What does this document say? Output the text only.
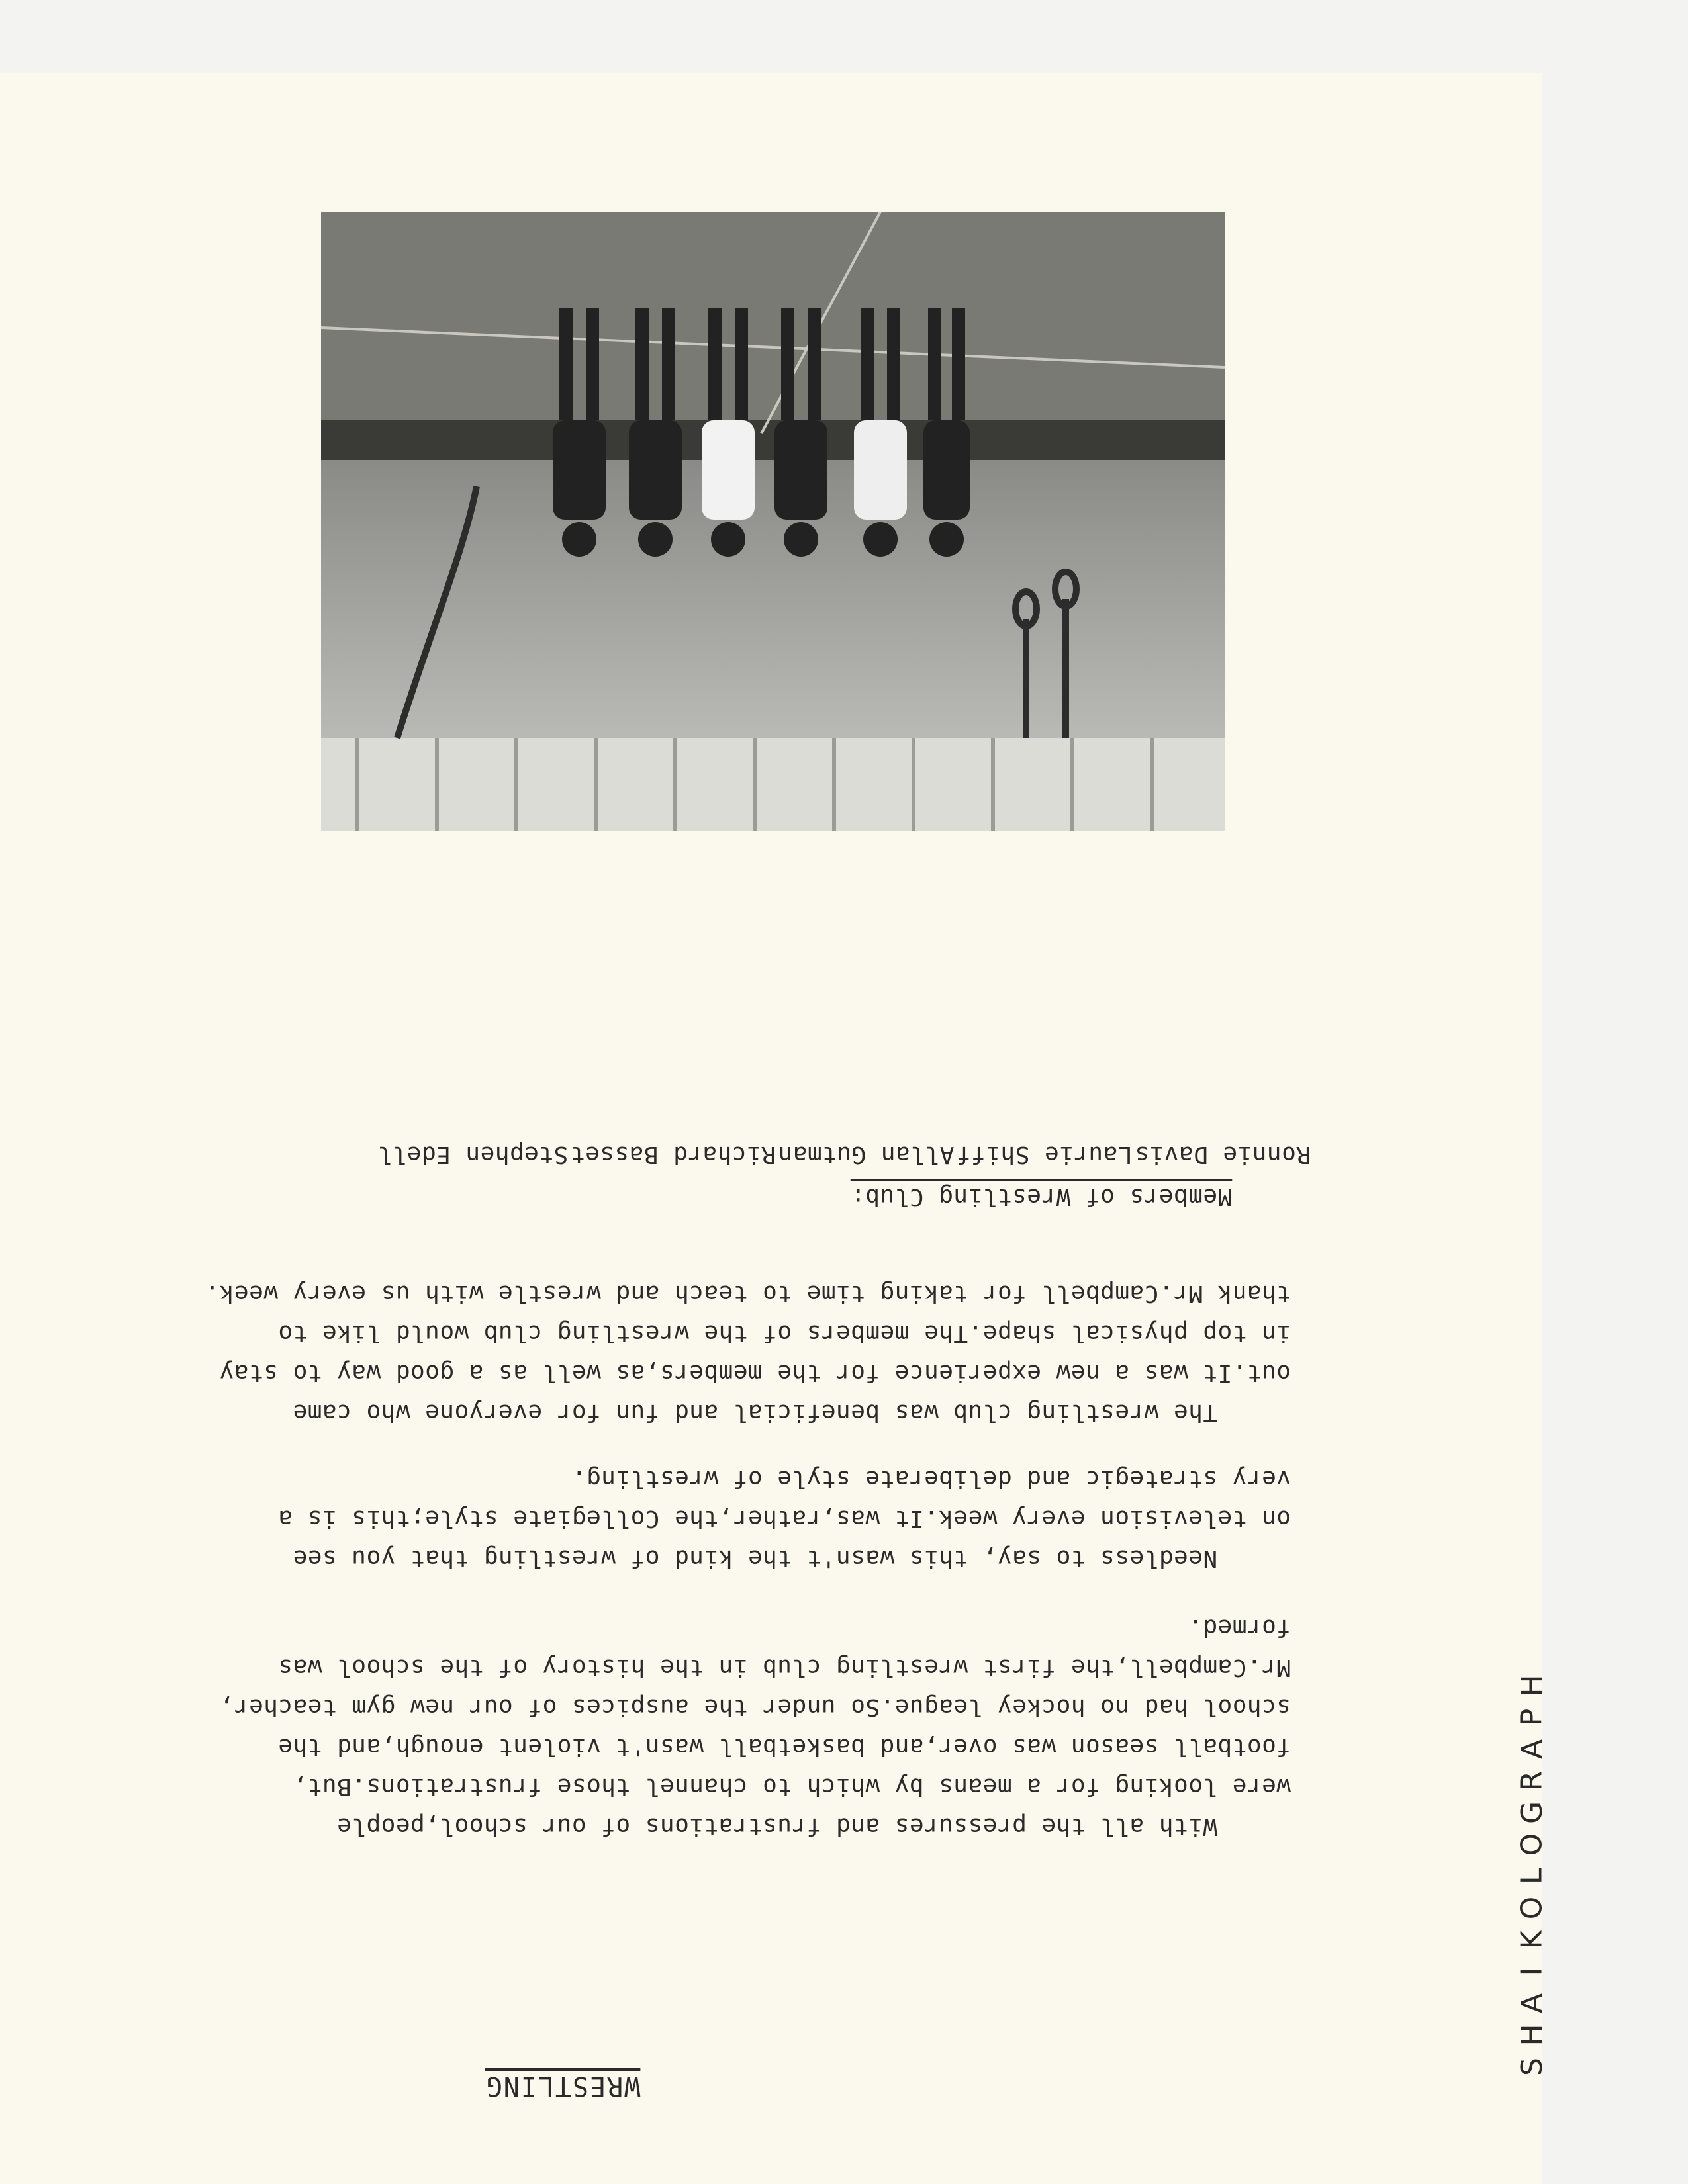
WRESTLING
With all the pressures and frustrations of our school,people
were looking for a means by which to channel those frustrations.But,
football season was over,and basketball wasn't violent enough,and the
school had no hockey league.So under the auspices of our new gym teacher,
Mr.Campbell,the first wrestling club in the history of the school was
formed.
Needless to say, this wasn't the kind of wrestling that you see
on television every week.It was,rather,the Collegiate style;this is a
very strategic and deliberate style of wrestling.
The wrestling club was beneficial and fun for everyone who came
out.It was a new experience for the members,as well as a good way to stay
in top physical shape.The members of the wrestling club would like to
thank Mr.Campbell for taking time to teach and wrestle with us every week.

Members of Wrestling Club:

Ronnie Davis
Laurie Shiff
Allan Gutman
Richard Basset
Stephen Edell
S
H
A
I
K
O
L
O
G
R
A
P
H
